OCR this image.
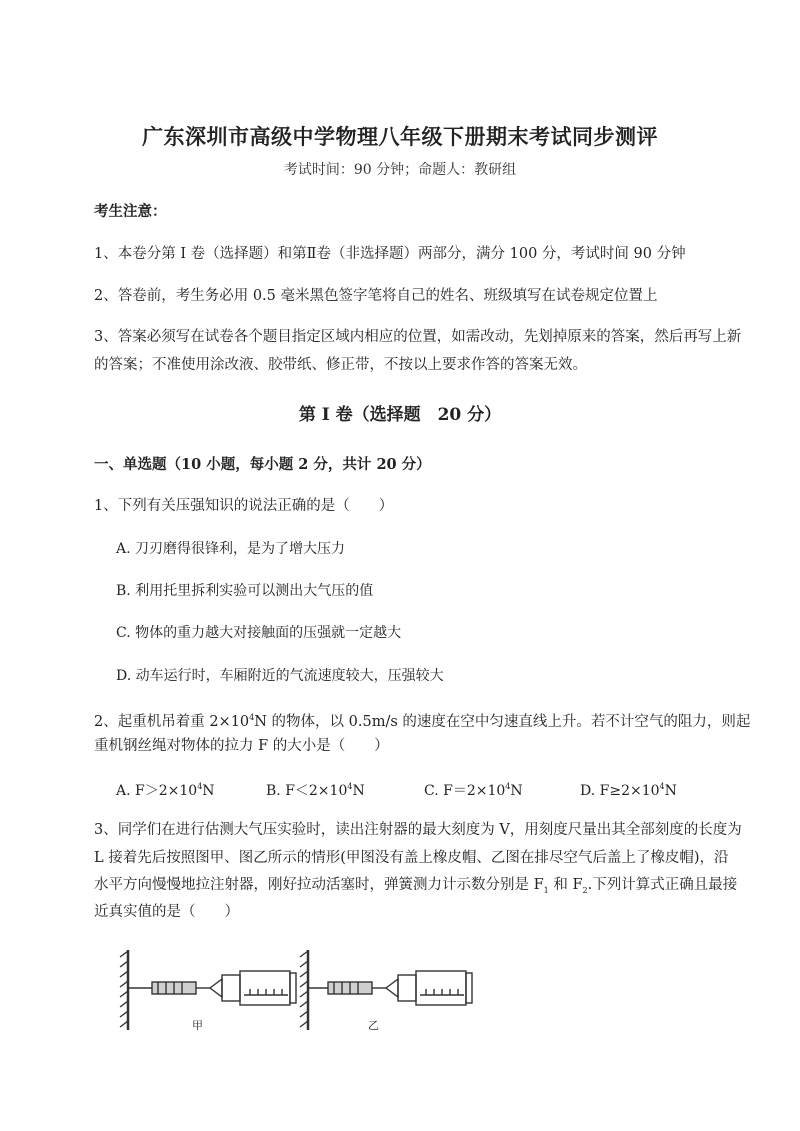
广东深圳市高级中学物理八年级下册期末考试同步测评
考试时间：90 分钟；命题人：教研组
考生注意：
1、本卷分第 I 卷（选择题）和第Ⅱ卷（非选择题）两部分，满分 100 分，考试时间 90 分钟
2、答卷前，考生务必用 0.5 毫米黑色签字笔将自己的姓名、班级填写在试卷规定位置上
3、答案必须写在试卷各个题目指定区域内相应的位置，如需改动，先划掉原来的答案，然后再写上新的答案；不准使用涂改液、胶带纸、修正带，不按以上要求作答的答案无效。
第 I 卷（选择题　20 分）
一、单选题（10 小题，每小题 2 分，共计 20 分）
1、下列有关压强知识的说法正确的是（　　）
A. 刀刃磨得很锋利，是为了增大压力
B. 利用托里拆利实验可以测出大气压的值
C. 物体的重力越大对接触面的压强就一定越大
D. 动车运行时，车厢附近的气流速度较大，压强较大
2、起重机吊着重 $2\times 10^4N$ 的物体，以 0.5m/s 的速度在空中匀速直线上升。若不计空气的阻力，则起
重机钢丝绳对物体的拉力 F 的大小是（　　）
A. $F>2\times 10^4N$	B. $F<2\times 10^4N$	C. $F=2\times 10^4N$	D. $F\ge 2\times 10^4N$
3、同学们在进行估测大气压实验时，读出注射器的最大刻度为 V，用刻度尺量出其全部刻度的长度为
L 接着先后按照图甲、图乙所示的情形(甲图没有盖上橡皮帽、乙图在排尽空气后盖上了橡皮帽)，沿
水平方向慢慢地拉注射器，刚好拉动活塞时，弹簧测力计示数分别是 $F_1$ 和 $F_2$.下列计算式正确且最接
近真实值的是（　　）
甲	乙
